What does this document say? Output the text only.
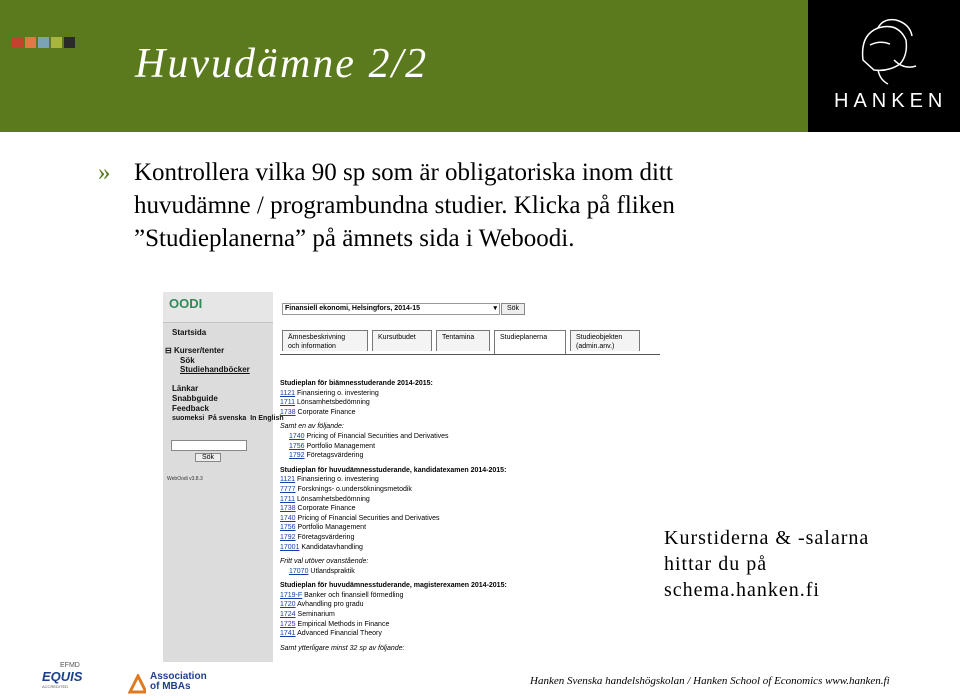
Huvudämne 2/2
HANKEN
» Kontrollera vilka 90 sp som är obligatoriska inom ditt huvudämne / programbundna studier. Klicka på fliken ”Studieplanerna” på ämnets sida i Weboodi.
OODI
Startsida
⊟ Kurser/tenter
Sök
Studiehandböcker
Länkar
Snabbguide
Feedback
suomeksi  På svenska  In English
Sök
WebOodi v3.8.3
Finansiell ekonomi, Helsingfors, 2014-15	▾	Sök
Ämnesbeskrivning
och information
Kursutbudet	Tentamina	Studieplanerna	Studieobjekten
(admin.anv.)
Studieplan för biämnesstuderande 2014-2015:
1121 Finansiering o. investering
1711 Lönsamhetsbedömning
1738 Corporate Finance
Samt en av följande:
1740 Pricing of Financial Securities and Derivatives
1756 Portfolio Management
1792 Företagsvärdering
Studieplan för huvudämnesstuderande, kandidatexamen 2014-2015:
1121 Finansiering o. investering
7777 Forsknings- o.undersökningsmetodik
1711 Lönsamhetsbedömning
1738 Corporate Finance
1740 Pricing of Financial Securities and Derivatives
1756 Portfolio Management
1792 Företagsvärdering
17001 Kandidatavhandling
Fritt val utöver ovanstående:
17070 Utlandspraktik
Studieplan för huvudämnesstuderande, magisterexamen 2014-2015:
1719-F Banker och finansiell förmedling
1720 Avhandling pro gradu
1724 Seminarium
1725 Empirical Methods in Finance
1741 Advanced Financial Theory
Samt ytterligare minst 32 sp av följande:
Kurstiderna & -salarna hittar du på schema.hanken.fi
EFMD
EQUIS
ACCREDITED
Association
of MBAs	Hanken Svenska handelshögskolan / Hanken School of Economics www.hanken.fi
